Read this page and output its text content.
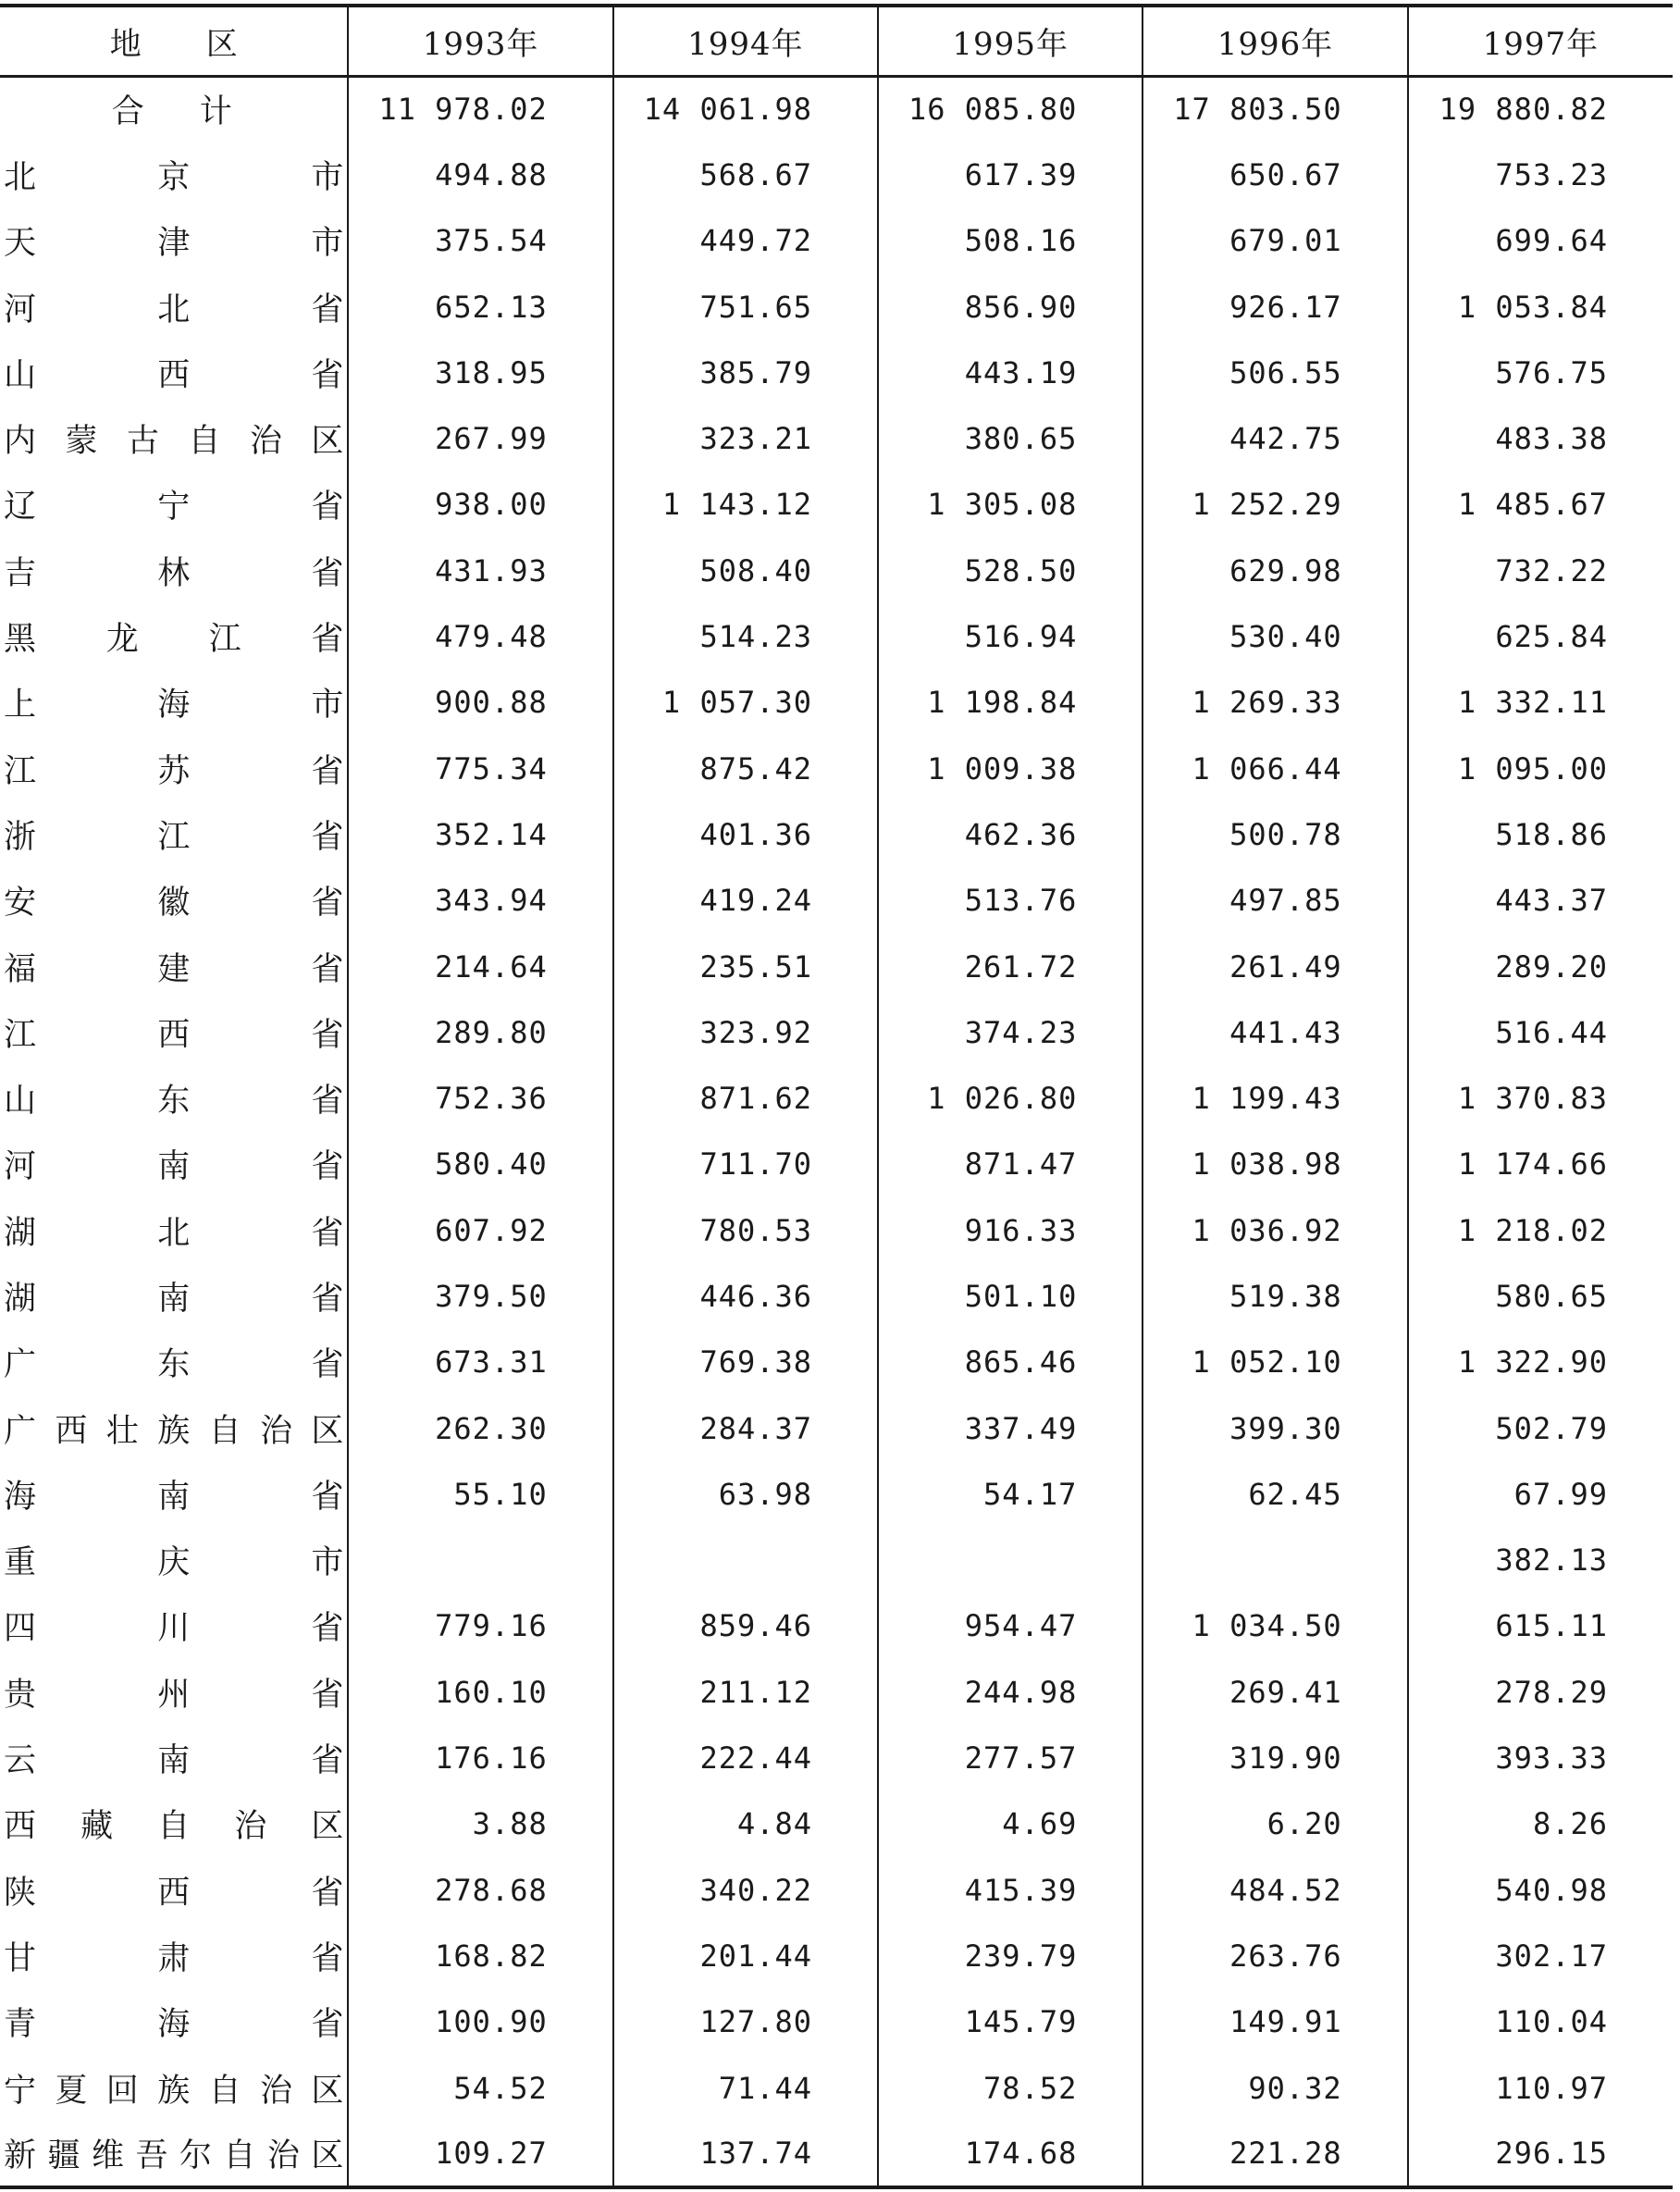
地区	1993年	1994年	1995年	1996年	1997年
合计	11 978.02	14 061.98	16 085.80	17 803.50	19 880.82
北京市	494.88	568.67	617.39	650.67	753.23
天津市	375.54	449.72	508.16	679.01	699.64
河北省	652.13	751.65	856.90	926.17	1 053.84
山西省	318.95	385.79	443.19	506.55	576.75
内蒙古自治区	267.99	323.21	380.65	442.75	483.38
辽宁省	938.00	1 143.12	1 305.08	1 252.29	1 485.67
吉林省	431.93	508.40	528.50	629.98	732.22
黑龙江省	479.48	514.23	516.94	530.40	625.84
上海市	900.88	1 057.30	1 198.84	1 269.33	1 332.11
江苏省	775.34	875.42	1 009.38	1 066.44	1 095.00
浙江省	352.14	401.36	462.36	500.78	518.86
安徽省	343.94	419.24	513.76	497.85	443.37
福建省	214.64	235.51	261.72	261.49	289.20
江西省	289.80	323.92	374.23	441.43	516.44
山东省	752.36	871.62	1 026.80	1 199.43	1 370.83
河南省	580.40	711.70	871.47	1 038.98	1 174.66
湖北省	607.92	780.53	916.33	1 036.92	1 218.02
湖南省	379.50	446.36	501.10	519.38	580.65
广东省	673.31	769.38	865.46	1 052.10	1 322.90
广西壮族自治区	262.30	284.37	337.49	399.30	502.79
海南省	55.10	63.98	54.17	62.45	67.99
重庆市					382.13
四川省	779.16	859.46	954.47	1 034.50	615.11
贵州省	160.10	211.12	244.98	269.41	278.29
云南省	176.16	222.44	277.57	319.90	393.33
西藏自治区	3.88	4.84	4.69	6.20	8.26
陕西省	278.68	340.22	415.39	484.52	540.98
甘肃省	168.82	201.44	239.79	263.76	302.17
青海省	100.90	127.80	145.79	149.91	110.04
宁夏回族自治区	54.52	71.44	78.52	90.32	110.97
新疆维吾尔自治区	109.27	137.74	174.68	221.28	296.15
